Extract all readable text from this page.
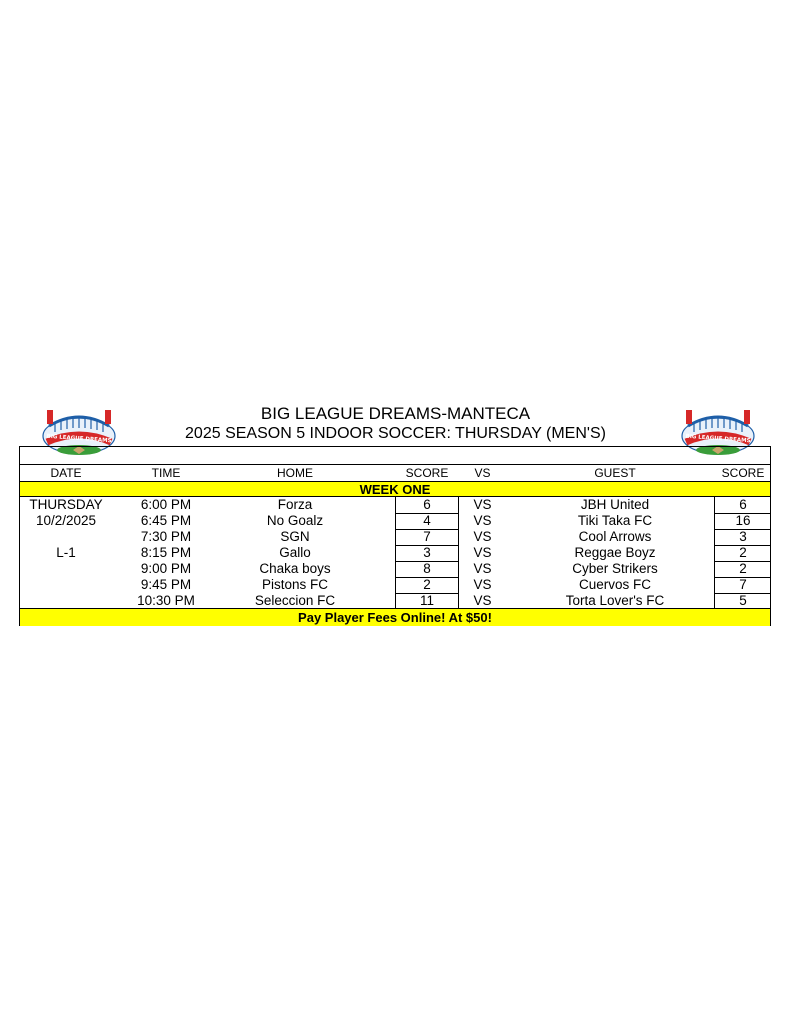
BIG LEAGUE DREAMS	BIG LEAGUE DREAMS
BIG LEAGUE DREAMS-MANTECA
2025 SEASON 5 INDOOR SOCCER: THURSDAY (MEN'S)
DATE	TIME	HOME	SCORE	VS	GUEST	SCORE
WEEK ONE
THURSDAY	6:00 PM	Forza	6	VS	JBH United	6
10/2/2025	6:45 PM	No Goalz	4	VS	Tiki Taka FC	16
7:30 PM	SGN	7	VS	Cool Arrows	3
L-1	8:15 PM	Gallo	3	VS	Reggae Boyz	2
9:00 PM	Chaka boys	8	VS	Cyber Strikers	2
9:45 PM	Pistons FC	2	VS	Cuervos FC	7
10:30 PM	Seleccion FC	11	VS	Torta Lover's FC	5
Pay Player Fees Online! At $50!
